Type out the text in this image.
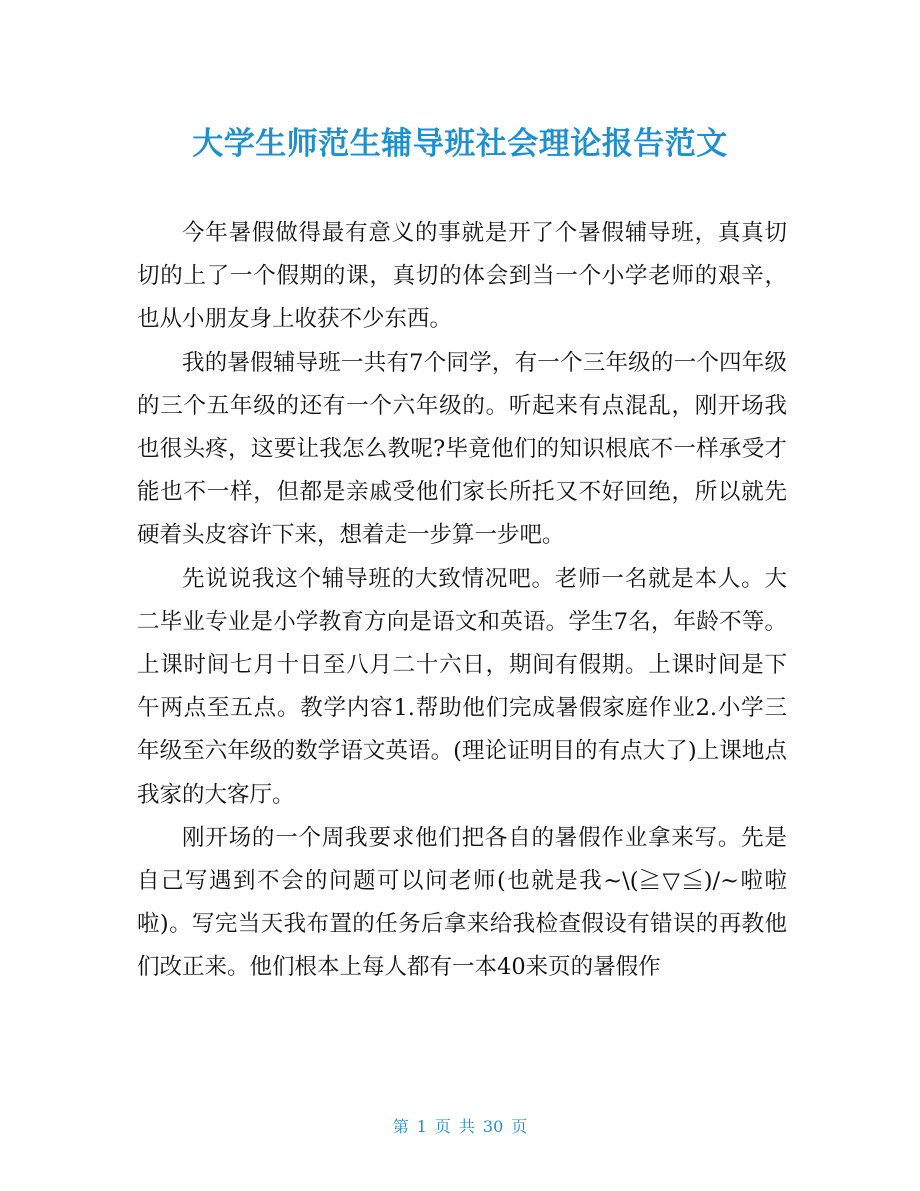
大学生师范生辅导班社会理论报告范文

今年暑假做得最有意义的事就是开了个暑假辅导班，真真切切的上了一个假期的课，真切的体会到当一个小学老师的艰辛，也从小朋友身上收获不少东西。

我的暑假辅导班一共有7个同学，有一个三年级的一个四年级的三个五年级的还有一个六年级的。听起来有点混乱，刚开场我也很头疼，这要让我怎么教呢?毕竟他们的知识根底不一样承受才能也不一样，但都是亲戚受他们家长所托又不好回绝，所以就先硬着头皮容许下来，想着走一步算一步吧。

先说说我这个辅导班的大致情况吧。老师一名就是本人。大二毕业专业是小学教育方向是语文和英语。学生7名，年龄不等。上课时间七月十日至八月二十六日，期间有假期。上课时间是下午两点至五点。教学内容1.帮助他们完成暑假家庭作业2.小学三年级至六年级的数学语文英语。(理论证明目的有点大了)上课地点我家的大客厅。

刚开场的一个周我要求他们把各自的暑假作业拿来写。先是自己写遇到不会的问题可以问老师(也就是我~\(≧▽≦)/~啦啦啦)。写完当天我布置的任务后拿来给我检查假设有错误的再教他们改正来。他们根本上每人都有一本40来页的暑假作

第 1 页 共 30 页
